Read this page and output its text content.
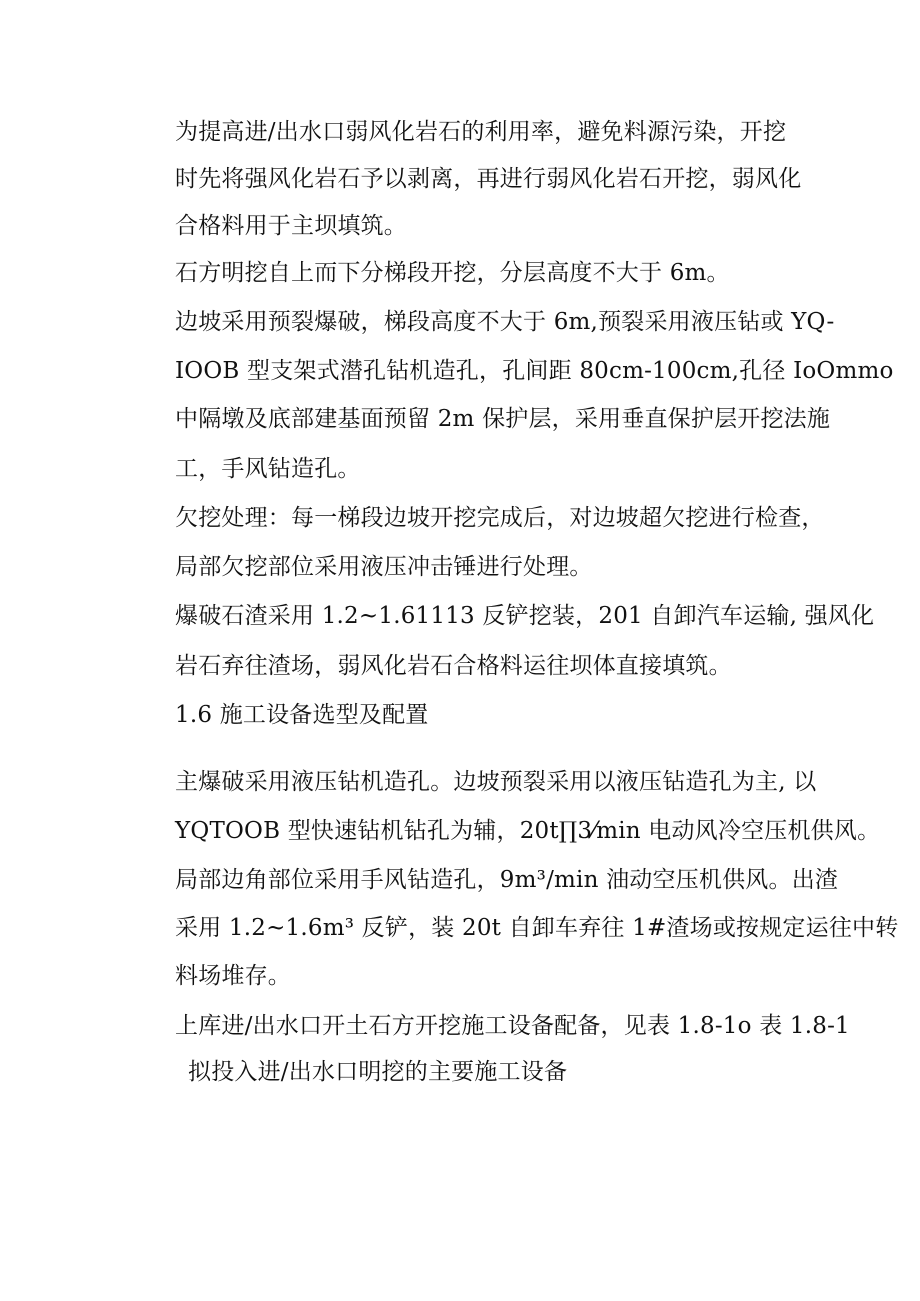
为提高进/出水口弱风化岩石的利用率，避免料源污染，开挖
时先将强风化岩石予以剥离，再进行弱风化岩石开挖，弱风化
合格料用于主坝填筑。
石方明挖自上而下分梯段开挖，分层高度不大于 6m。
边坡采用预裂爆破，梯段高度不大于 6m,预裂采用液压钻或 YQ-
IOOB 型支架式潜孔钻机造孔，孔间距 80cm-100cm,孔径 IoOmmo
中隔墩及底部建基面预留 2m 保护层，采用垂直保护层开挖法施
工，手风钻造孔。
欠挖处理：每一梯段边坡开挖完成后，对边坡超欠挖进行检查，
局部欠挖部位采用液压冲击锤进行处理。
爆破石渣采用 1.2~1.61113 反铲挖装，201 自卸汽车运输, 强风化
岩石弃往渣场，弱风化岩石合格料运往坝体直接填筑。
1.6 施工设备选型及配置
主爆破采用液压钻机造孔。边坡预裂采用以液压钻造孔为主, 以
YQTOOB 型快速钻机钻孔为辅，20t∏3⁄min 电动风冷空压机供风。
局部边角部位采用手风钻造孔，9m³/min 油动空压机供风。出渣
采用 1.2~1.6m³ 反铲，装 20t 自卸车弃往 1#渣场或按规定运往中转
料场堆存。
上库进/出水口开土石方开挖施工设备配备，见表 1.8-1o 表 1.8-1
拟投入进/出水口明挖的主要施工设备
